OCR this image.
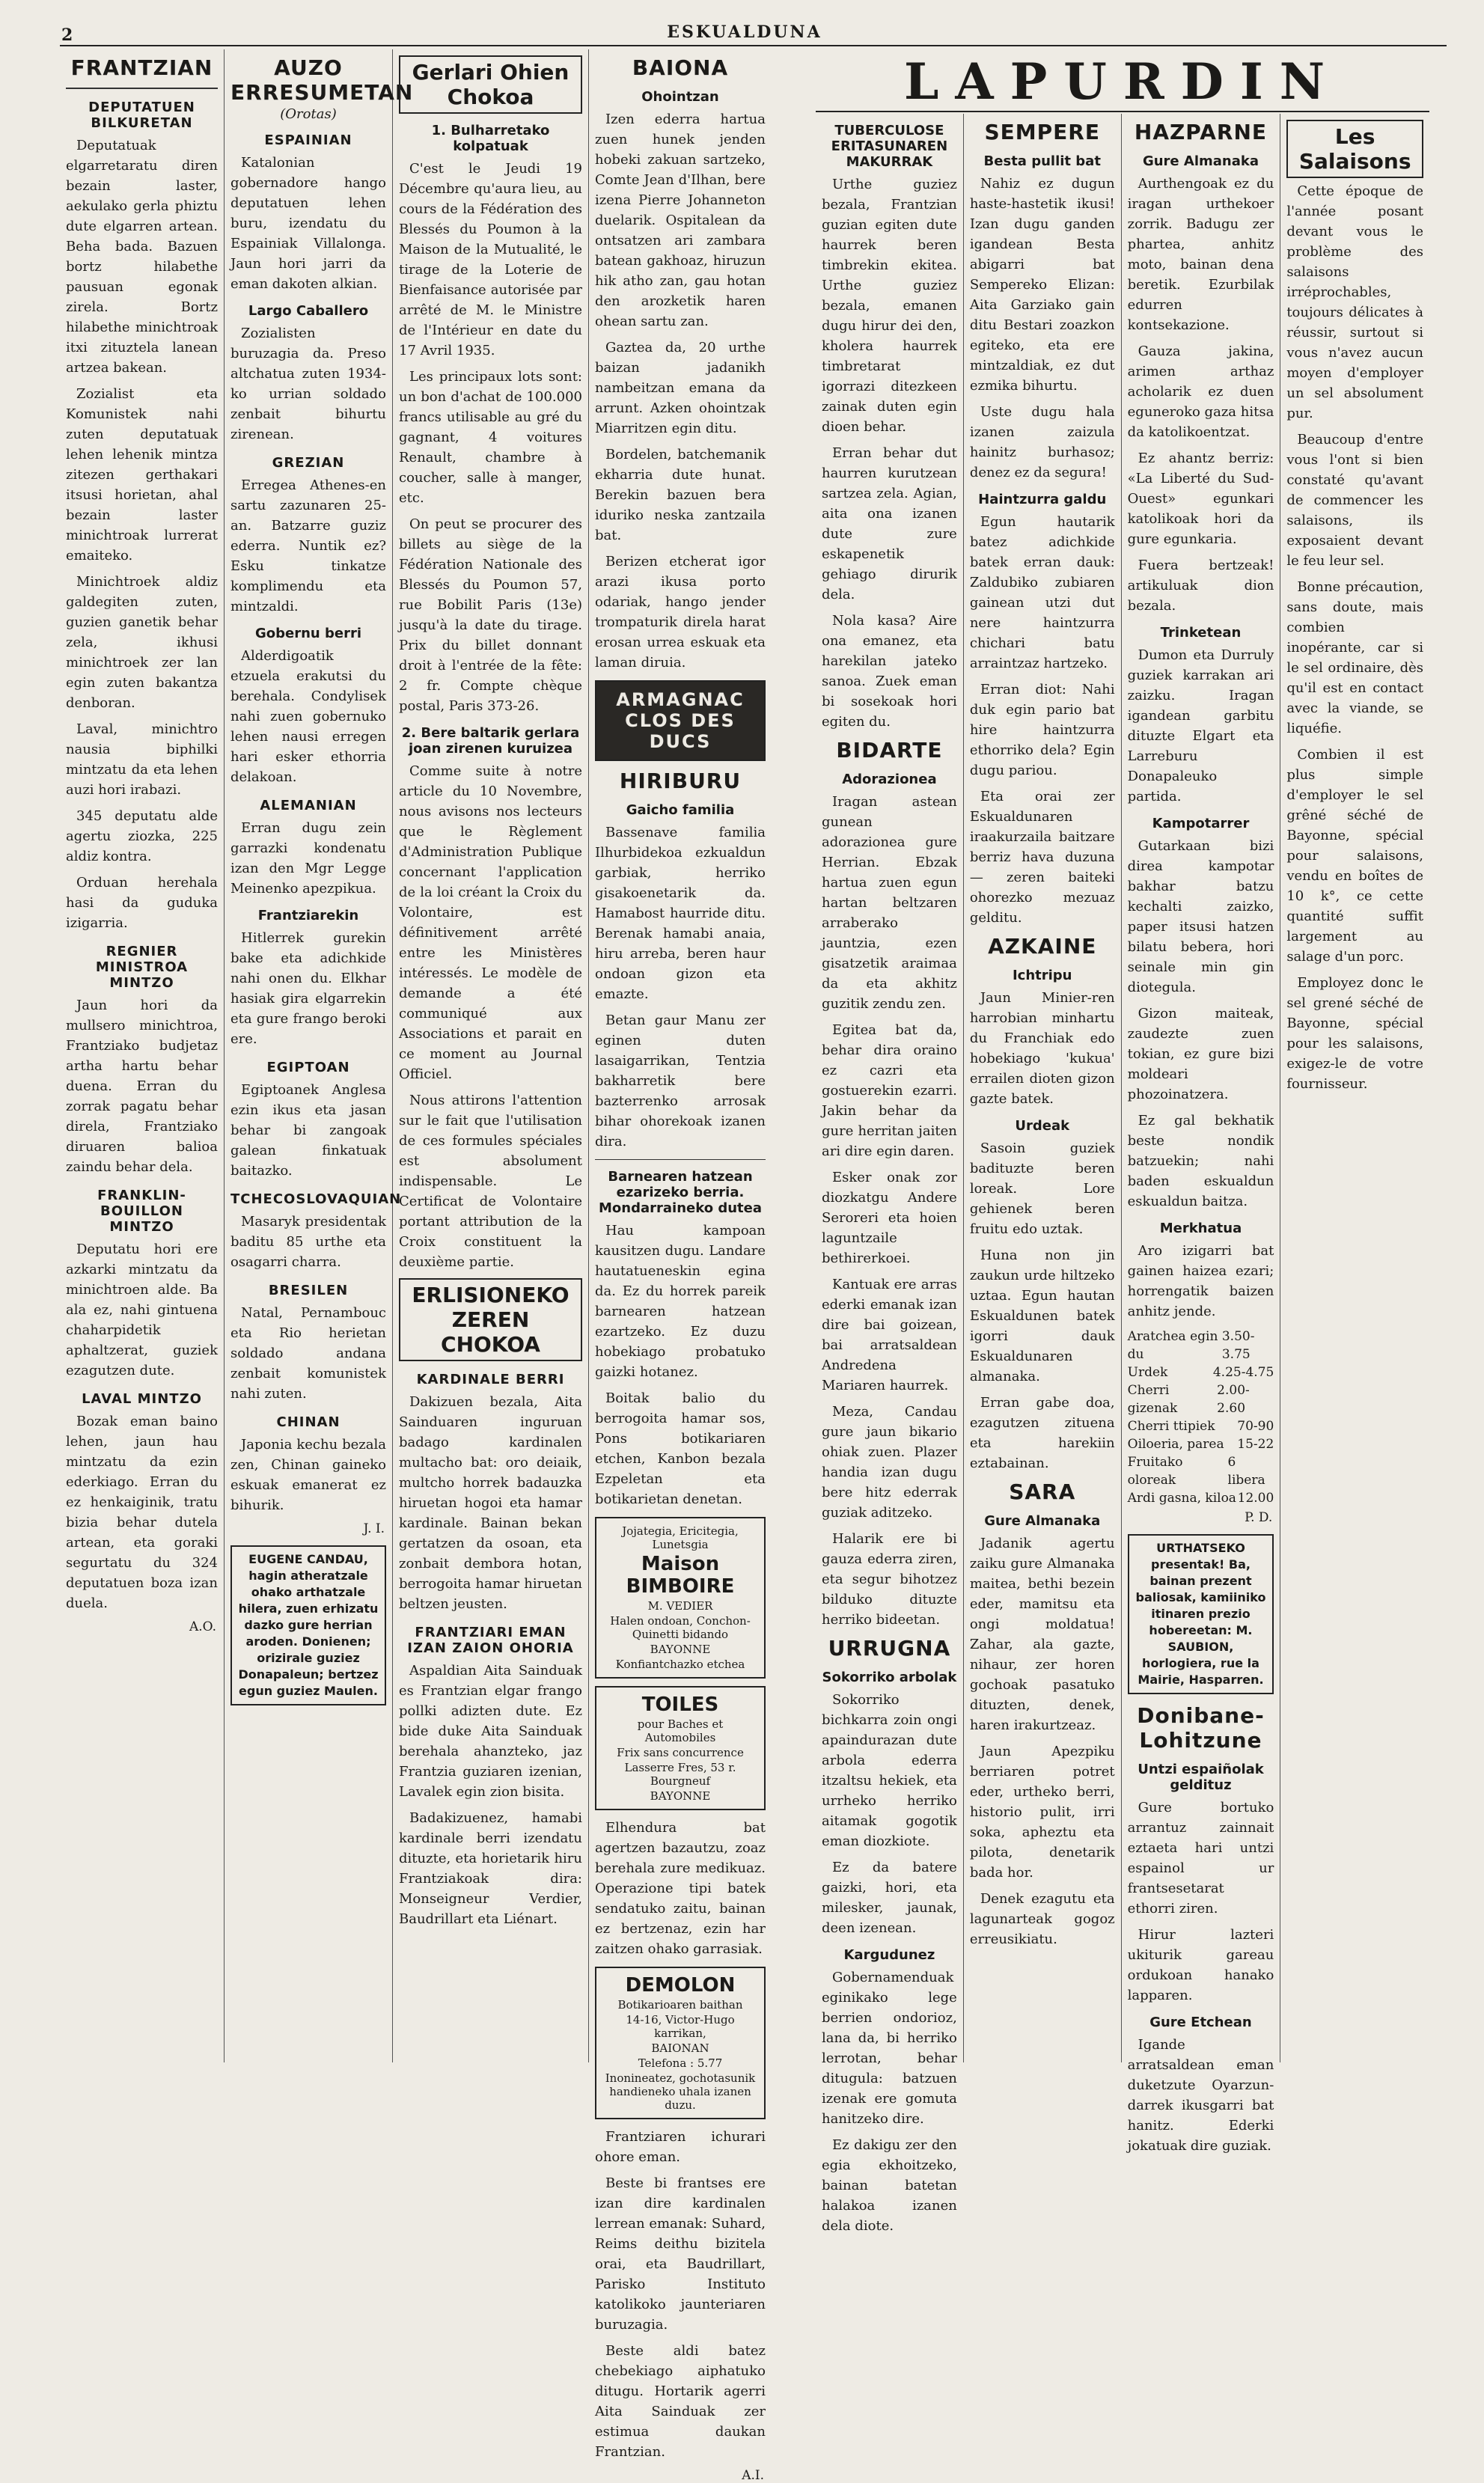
2	ESKUALDUNA
FRANTZIAN
DEPUTATUEN BILKURETAN

Deputatuak elgarretaratu diren bezain laster, aekulako gerla phiztu dute elgarren artean. Beha bada. Bazuen bortz hilabethe pausuan egonak zirela. Bortz hilabethe minichtroak itxi zituztela lanean artzea bakean.

Zozialist eta Komunistek nahi zuten deputatuak lehen lehenik mintza zitezen gerthakari itsusi horietan, ahal bezain laster minichtroak lurrerat emaiteko.

Minichtroek aldiz galdegiten zuten, guzien ganetik behar zela, ikhusi minichtroek zer lan egin zuten bakantza denboran.

Laval, minichtro nausia biphilki mintzatu da eta lehen auzi hori irabazi.

345 deputatu alde agertu ziozka, 225 aldiz kontra.

Orduan herehala hasi da guduka izigarria.

REGNIER MINISTROA MINTZO

Jaun hori da mullsero minichtroa, Frantziako budjetaz artha hartu behar duena. Erran du zorrak pagatu behar direla, Frantziako diruaren balioa zaindu behar dela.

FRANKLIN-BOUILLON MINTZO

Deputatu hori ere azkarki mintzatu da minichtroen alde. Ba ala ez, nahi gintuena chaharpidetik aphaltzerat, guziek ezagutzen dute.

LAVAL MINTZO

Bozak eman baino lehen, jaun hau mintzatu da ezin ederkiago. Erran du ez henkaiginik, tratu bizia behar dutela artean, eta goraki segurtatu du 324 deputatuen boza izan duela.

A.O.
AUZO ERRESUMETAN
(Orotas)
ESPAINIAN

Katalonian gobernadore hango deputatuen lehen buru, izendatu du Espainiak Villalonga. Jaun hori jarri da eman dakoten alkian.

Largo Caballero

Zozialisten buruzagia da. Preso altchatua zuten 1934-ko urrian soldado zenbait bihurtu zirenean.

GREZIAN

Erregea Athenes-en sartu zazunaren 25-an. Batzarre guziz ederra. Nuntik ez? Esku tinkatze komplimendu eta mintzaldi.

Gobernu berri

Alderdigoatik etzuela erakutsi du berehala. Condylisek nahi zuen gobernuko lehen nausi erregen hari esker ethorria delakoan.

ALEMANIAN

Erran dugu zein garrazki kondenatu izan den Mgr Legge Meinenko apezpikua.

Frantziarekin

Hitlerrek gurekin bake eta adichkide nahi onen du. Elkhar hasiak gira elgarrekin eta gure frango beroki ere.

EGIPTOAN

Egiptoanek Anglesa ezin ikus eta jasan behar bi zangoak galean finkatuak baitazko.

TCHECOSLOVAQUIAN

Masaryk presidentak baditu 85 urthe eta osagarri charra.

BRESILEN

Natal, Pernambouc eta Rio herietan soldado andana zenbait komunistek nahi zuten.

CHINAN

Japonia kechu bezala zen, Chinan gaineko eskuak emanerat ez bihurik.

J. I.
EUGENE CANDAU, hagin atheratzale ohako arthatzale hilera, zuen erhizatu dazko gure herrian aroden. Donienen; orizirale guziez Donapaleun; bertzez egun guziez Maulen.
Gerlari Ohien Chokoa
1. Bulharretako kolpatuak

C'est le Jeudi 19 Décembre qu'aura lieu, au cours de la Fédération des Blessés du Poumon à la Maison de la Mutualité, le tirage de la Loterie de Bienfaisance autorisée par arrêté de M. le Ministre de l'Intérieur en date du 17 Avril 1935.

Les principaux lots sont: un bon d'achat de 100.000 francs utilisable au gré du gagnant, 4 voitures Renault, chambre à coucher, salle à manger, etc.

On peut se procurer des billets au siège de la Fédération Nationale des Blessés du Poumon 57, rue Bobilit Paris (13e) jusqu'à la date du tirage. Prix du billet donnant droit à l'entrée de la fête: 2 fr. Compte chèque postal, Paris 373-26.

2. Bere baltarik gerlara joan zirenen kuruizea

Comme suite à notre article du 10 Novembre, nous avisons nos lecteurs que le Règlement d'Administration Publique concernant l'application de la loi créant la Croix du Volontaire, est définitivement arrêté entre les Ministères intéressés. Le modèle de demande a été communiqué aux Associations et parait en ce moment au Journal Officiel.

Nous attirons l'attention sur le fait que l'utilisation de ces formules spéciales est absolument indispensable. Le Certificat de Volontaire portant attribution de la Croix constituent la deuxième partie.

ERLISIONEKO ZEREN CHOKOA
KARDINALE BERRI

Dakizuen bezala, Aita Sainduaren inguruan badago kardinalen multacho bat: oro deiaik, multcho horrek badauzka hiruetan hogoi eta hamar kardinale. Bainan bekan gertatzen da osoan, eta zonbait dembora hotan, berrogoita hamar hiruetan beltzen jeusten.

FRANTZIARI EMAN IZAN ZAION OHORIA

Aspaldian Aita Sainduak es Frantzian elgar frango pollki adizten dute. Ez bide duke Aita Sainduak berehala ahanzteko, jaz Frantzia guziaren izenian, Lavalek egin zion bisita.

Badakizuenez, hamabi kardinale berri izendatu dituzte, eta horietarik hiru Frantziakoak dira: Monseigneur Verdier, Baudrillart eta Liénart.

BAIONA
Ohointzan

Izen ederra hartua zuen hunek jenden hobeki zakuan sartzeko, Comte Jean d'Ilhan, bere izena Pierre Johanneton duelarik. Ospitalean da ontsatzen ari zambara batean gakhoaz, hiruzun hik atho zan, gau hotan den arozketik haren ohean sartu zan.

Gaztea da, 20 urthe baizan jadanikh nambeitzan emana da arrunt. Azken ohointzak Miarritzen egin ditu.

Bordelen, batchemanik ekharria dute hunat. Berekin bazuen bera iduriko neska zantzaila bat.

Berizen etcherat igor arazi ikusa porto odariak, hango jender trompaturik direla harat erosan urrea eskuak eta laman diruia.

ARMAGNAC CLOS DES DUCS
HIRIBURU
Gaicho familia

Bassenave familia Ilhurbidekoa ezkualdun garbiak, herriko gisakoenetarik da. Hamabost haurride ditu. Berenak hamabi anaia, hiru arreba, beren haur ondoan gizon eta emazte.

Betan gaur Manu zer eginen duten lasaigarrikan, Tentzia bakharretik bere bazterrenko arrosak bihar ohorekoak izanen dira.

Barnearen hatzean ezarizeko berria. Mondarraineko dutea

Hau kampoan kausitzen dugu. Landare hautatueneskin egina da. Ez du horrek pareik barnearen hatzean ezartzeko. Ez duzu hobekiago probatuko gaizki hotanez.

Boitak balio du berrogoita hamar sos, Pons botikariaren etchen, Kanbon bezala Ezpeletan eta botikarietan denetan.

Jojategia, Ericitegia, Lunetsgia
Maison BIMBOIRE
M. VEDIER
Halen ondoan, Conchon-Quinetti bidando
BAYONNE
Konfiantchazko etchea
TOILES
pour Baches et Automobiles
Frix sans concurrence
Lasserre Fres, 53 r. Bourgneuf
BAYONNE

Elhendura bat agertzen bazautzu, zoaz berehala zure medikuaz. Operazione tipi batek sendatuko zaitu, bainan ez bertzenaz, ezin har zaitzen ohako garrasiak.

DEMOLON
Botikarioaren baithan
14-16, Victor-Hugo karrikan,
BAIONAN
Telefona : 5.77
Inonineatez, gochotasunik handieneko uhala izanen duzu.

Frantziaren ichurari ohore eman.

Beste bi frantses ere izan dire kardinalen lerrean emanak: Suhard, Reims deithu bizitela orai, eta Baudrillart, Parisko Instituto katolikoko jaunteriaren buruzagia.

Beste aldi batez chebekiago aiphatuko ditugu. Hortarik agerri Aita Sainduak zer estimua daukan Frantzian.

A.I.
LAPURDIN
TUBERCULOSE ERITASUNAREN MAKURRAK

Urthe guziez bezala, Frantzian guzian egiten dute haurrek beren timbrekin ekitea. Urthe guziez bezala, emanen dugu hirur dei den, kholera haurrek timbretarat igorrazi ditezkeen zainak duten egin dioen behar.

Erran behar dut haurren kurutzean sartzea zela. Agian, aita ona izanen dute zure eskapenetik gehiago dirurik dela.

Nola kasa? Aire ona emanez, eta harekilan jateko sanoa. Zuek eman bi sosekoak hori egiten du.

BIDARTE
Adorazionea

Iragan astean gunean adorazionea gure Herrian. Ebzak hartua zuen egun hartan beltzaren arraberako jauntzia, ezen gisatzetik araimaa da eta akhitz guzitik zendu zen.

Egitea bat da, behar dira oraino ez cazri eta gostuerekin ezarri. Jakin behar da gure herritan jaiten ari dire egin daren.

Esker onak zor diozkatgu Andere Seroreri eta hoien laguntzaile bethirerkoei.

Kantuak ere arras ederki emanak izan dire bai goizean, bai arratsaldean Andredena Mariaren haurrek.

Meza, Candau gure jaun bikario ohiak zuen. Plazer handia izan dugu bere hitz ederrak guziak aditzeko.

Halarik ere bi gauza ederra ziren, eta segur bihotzez bilduko dituzte herriko bideetan.

URRUGNA
Sokorriko arbolak

Sokorriko bichkarra zoin ongi apaindurazan dute arbola ederra itzaltsu hekiek, eta urrheko herriko aitamak gogotik eman diozkiote.

Ez da batere gaizki, hori, eta milesker, jaunak, deen izenean.

Kargudunez

Gobernamenduak eginikako lege berrien ondorioz, lana da, bi herriko lerrotan, behar ditugula: batzuen izenak ere gomuta hanitzeko dire.

Ez dakigu zer den egia ekhoitzeko, bainan batetan halakoa izanen dela diote.

SEMPERE
Besta pullit bat

Nahiz ez dugun haste-hastetik ikusi! Izan dugu ganden igandean Besta abigarri bat Sempereko Elizan: Aita Garziako gain ditu Bestari zoazkon egiteko, eta ere mintzaldiak, ez dut ezmika bihurtu.

Uste dugu hala izanen zaizula hainitz burhasoz; denez ez da segura!

Haintzurra galdu

Egun hautarik batez adichkide batek erran dauk: Zaldubiko zubiaren gainean utzi dut nere haintzurra chichari batu arraintzaz hartzeko.

Erran diot: Nahi duk egin pario bat hire haintzurra ethorriko dela? Egin dugu pariou.

Eta orai zer Eskualdunaren iraakurzaila baitzare berriz hava duzuna — zeren baiteki ohorezko mezuaz gelditu.

AZKAINE
Ichtripu

Jaun Minier-ren harrobian minhartu du Franchiak edo hobekiago 'kukua' errailen dioten gizon gazte batek.

Urdeak

Sasoin guziek badituzte beren loreak. Lore gehienek beren fruitu edo uztak.

Huna non jin zaukun urde hiltzeko uztaa. Egun hautan Eskualdunen batek igorri dauk Eskualdunaren almanaka.

Erran gabe doa, ezagutzen zituena eta harekiin eztabainan.

SARA
Gure Almanaka

Jadanik agertu zaiku gure Almanaka maitea, bethi bezein eder, mamitsu eta ongi moldatua! Zahar, ala gazte, nihaur, zer horen gochoak pasatuko dituzten, denek, haren irakurtzeaz.

Jaun Apezpiku berriaren potret eder, urtheko berri, historio pulit, irri soka, apheztu eta pilota, denetarik bada hor.

Denek ezagutu eta lagunarteak gogoz erreusikiatu.

HAZPARNE
Gure Almanaka

Aurthengoak ez du iragan urthekoer zorrik. Badugu zer phartea, anhitz moto, bainan dena beretik. Ezurbilak edurren kontsekazione.

Gauza jakina, arimen arthaz acholarik ez duen eguneroko gaza hitsa da katolikoentzat.

Ez ahantz berriz: «La Liberté du Sud-Ouest» egunkari katolikoak hori da gure egunkaria.

Fuera bertzeak! artikuluak dion bezala.

Trinketean

Dumon eta Durruly guziek karrakan ari zaizku. Iragan igandean garbitu dituzte Elgart eta Larreburu Donapaleuko partida.

Kampotarrer

Gutarkaan bizi direa kampotar bakhar batzu kechalti zaizko, paper itsusi hatzen bilatu bebera, hori seinale min gin diotegula.

Gizon maiteak, zaudezte zuen tokian, ez gure bizi moldeari phozoinatzera.

Ez gal bekhatik beste nondik batzuekin; nahi baden eskualdun eskualdun baitza.

Merkhatua

Aro izigarri bat gainen haizea ezari; horrengatik baizen anhitz jende.

Aratchea egin du
3.50-3.75
Urdek	4.25-4.75
Cherri gizenak
2.00-2.60
Cherri ttipiek 70-90
Oiloeria, parea 15-22
Fruitako oloreak
6 libera
Ardi gasna, kiloa 12.00
P. D.
URTHATSEKO presentak! Ba, bainan prezent baliosak, kamiiniko itinaren prezio hobereetan: M. SAUBION, horlogiera, rue la Mairie, Hasparren.
Donibane-Lohitzune
Untzi espaiñolak geldituz

Gure bortuko arrantuz zainnait eztaeta hari untzi espainol ur frantsesetarat ethorri ziren.

Hirur lazteri ukiturik gareau ordukoan hanako lapparen.

Gure Etchean

Igande arratsaldean eman duketzute Oyarzun-darrek ikusgarri bat hanitz. Ederki jokatuak dire guziak.

Les Salaisons

Cette époque de l'année posant devant vous le problème des salaisons irréprochables, toujours délicates à réussir, surtout si vous n'avez aucun moyen d'employer un sel absolument pur.

Beaucoup d'entre vous l'ont si bien constaté qu'avant de commencer les salaisons, ils exposaient devant le feu leur sel.

Bonne précaution, sans doute, mais combien inopérante, car si le sel ordinaire, dès qu'il est en contact avec la viande, se liquéfie.

Combien il est plus simple d'employer le sel grêné séché de Bayonne, spécial pour salaisons, vendu en boîtes de 10 k°, ce cette quantité suffit largement au salage d'un porc.

Employez donc le sel grené séché de Bayonne, spécial pour les salaisons, exigez-le de votre fournisseur.
